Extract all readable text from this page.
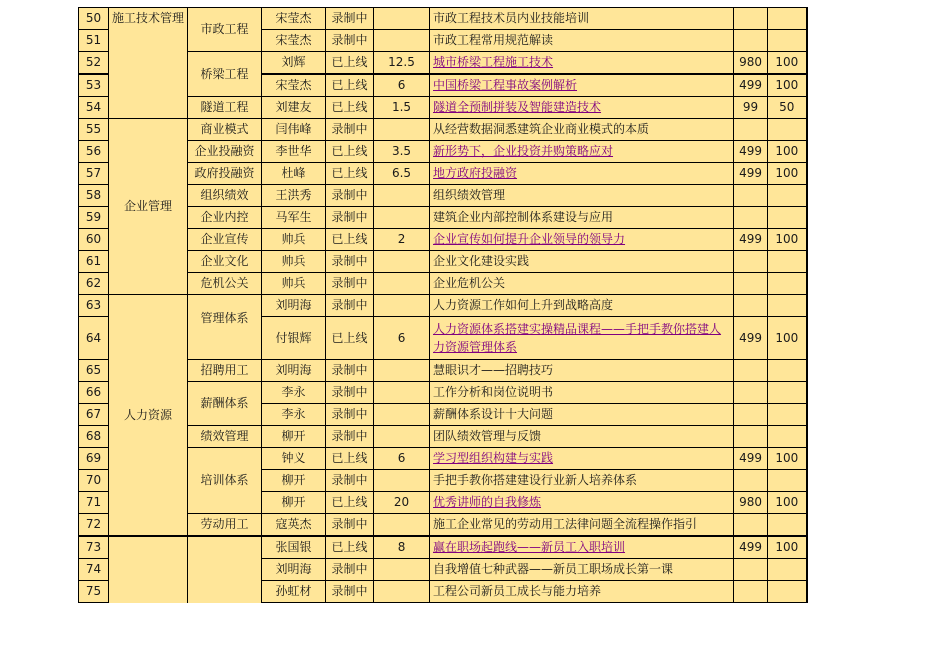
50	施工技术管理	市政工程	宋莹杰	录制中		市政工程技术员内业技能培训		
51			宋莹杰	录制中		市政工程常用规范解读		
52		桥梁工程	刘辉	已上线	12.5	城市桥梁工程施工技术	980	100
53			宋莹杰	已上线	6	中国桥梁工程事故案例解析	499	100
54		隧道工程	刘建友	已上线	1.5	隧道全预制拼装及智能建造技术	99	50
55	企业管理	商业模式	闫伟峰	录制中		从经营数据洞悉建筑企业商业模式的本质		
56		企业投融资	李世华	已上线	3.5	新形势下，企业投资并购策略应对	499	100
57		政府投融资	杜峰	已上线	6.5	地方政府投融资	499	100
58		组织绩效	王洪秀	录制中		组织绩效管理		
59		企业内控	马军生	录制中		建筑企业内部控制体系建设与应用		
60		企业宣传	帅兵	已上线	2	企业宣传如何提升企业领导的领导力	499	100
61		企业文化	帅兵	录制中		企业文化建设实践		
62		危机公关	帅兵	录制中		企业危机公关		
63	人力资源	管理体系	刘明海	录制中		人力资源工作如何上升到战略高度		
64			付银辉	已上线	6	人力资源体系搭建实操精品课程——手把手教你搭建人力资源管理体系	499	100
65		招聘用工	刘明海	录制中		慧眼识才——招聘技巧		
66		薪酬体系	李永	录制中		工作分析和岗位说明书		
67			李永	录制中		薪酬体系设计十大问题		
68		绩效管理	柳开	录制中		团队绩效管理与反馈		
69		培训体系	钟义	已上线	6	学习型组织构建与实践	499	100
70			柳开	录制中		手把手教你搭建建设行业新人培养体系		
71			柳开	已上线	20	优秀讲师的自我修炼	980	100
72		劳动用工	寇英杰	录制中		施工企业常见的劳动用工法律问题全流程操作指引		
73			张国银	已上线	8	赢在职场起跑线——新员工入职培训	499	100
74			刘明海	录制中		自我增值七种武器——新员工职场成长第一课		
75			孙虹材	录制中		工程公司新员工成长与能力培养		
